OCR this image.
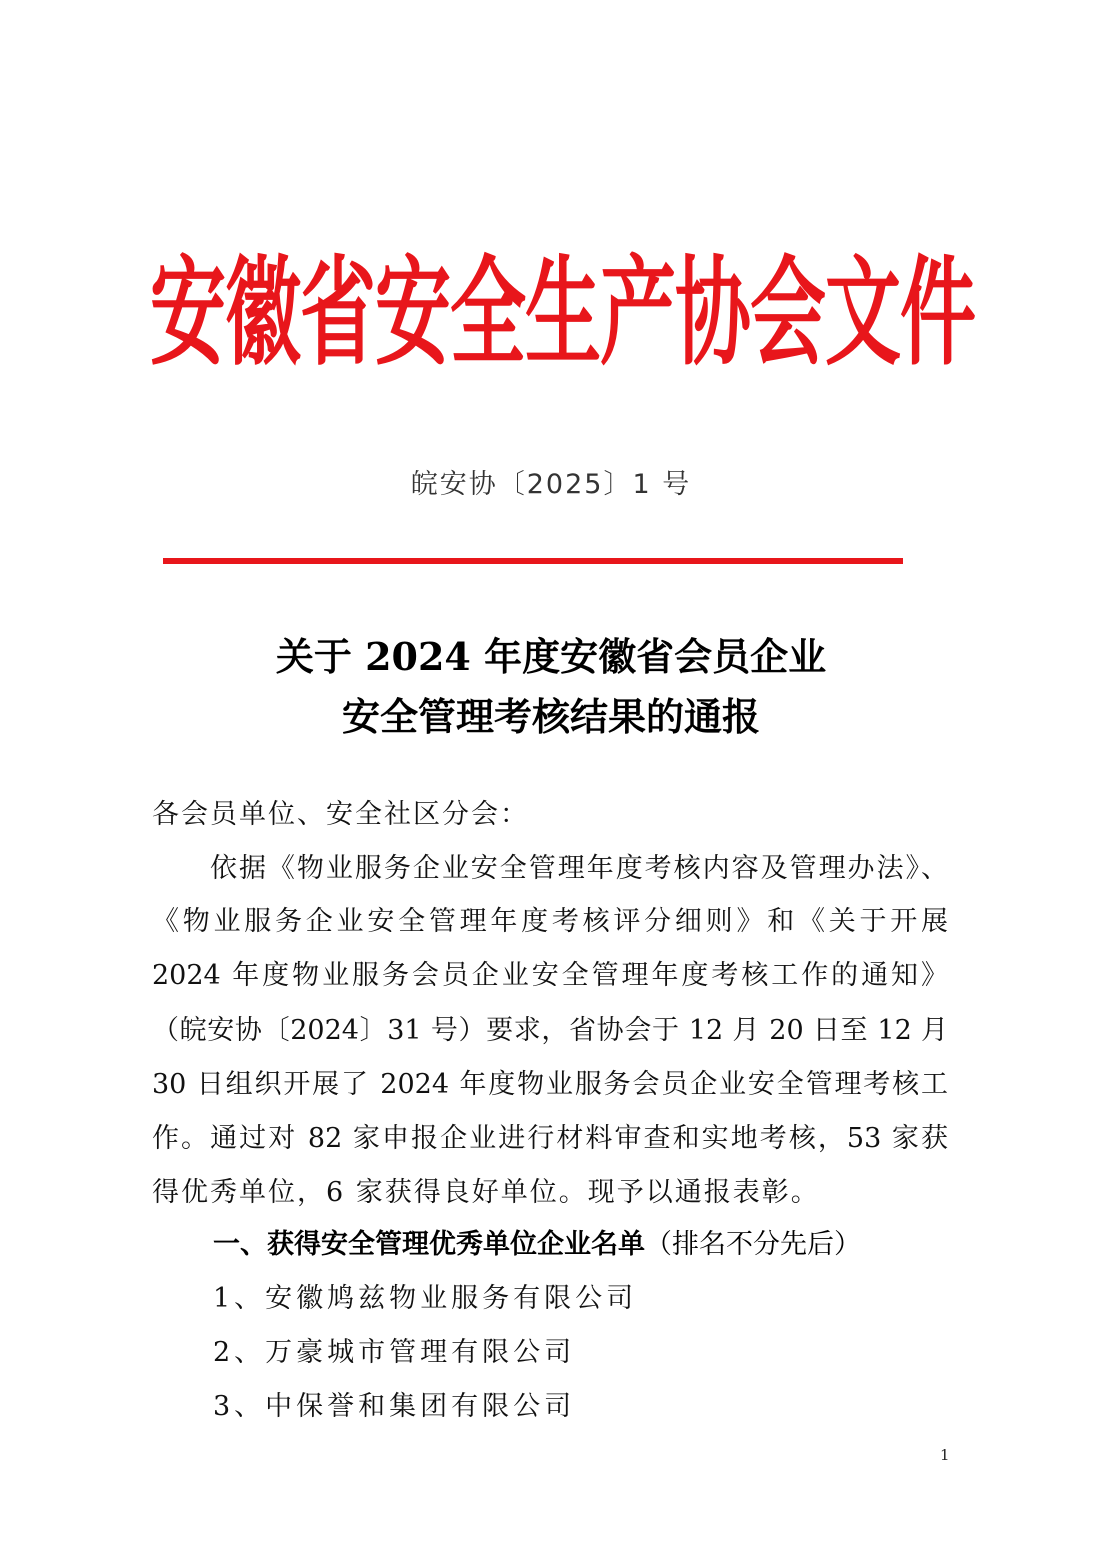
安徽省安全生产协会文件
皖安协〔2025〕1 号
关于 2024 年度安徽省会员企业
安全管理考核结果的通报
各会员单位、安全社区分会：
　　依据《物业服务企业安全管理年度考核内容及管理办法》、
《物业服务企业安全管理年度考核评分细则》和《关于开展
2024 年度物业服务会员企业安全管理年度考核工作的通知》
（皖安协〔2024〕31 号）要求，省协会于 12 月 20 日至 12 月
30 日组织开展了 2024 年度物业服务会员企业安全管理考核工
作。通过对 82 家申报企业进行材料审查和实地考核，53 家获
得优秀单位，6 家获得良好单位。现予以通报表彰。
一、获得安全管理优秀单位企业名单（排名不分先后）
1、安徽鸠兹物业服务有限公司
2、万豪城市管理有限公司
3、中保誉和集团有限公司
1
